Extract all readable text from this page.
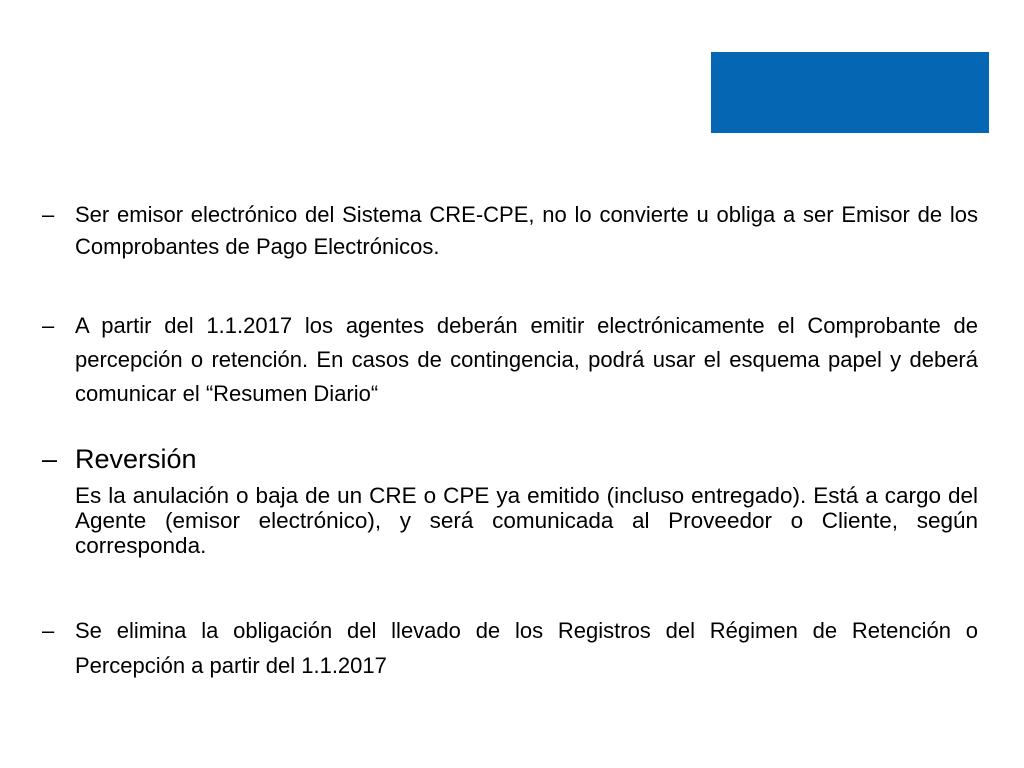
– Ser emisor electrónico del Sistema CRE-CPE, no lo convierte u obliga a ser Emisor de los Comprobantes de Pago Electrónicos.
– A partir del 1.1.2017 los agentes deberán emitir electrónicamente el Comprobante de percepción o retención. En casos de contingencia, podrá usar el esquema papel y deberá comunicar el “Resumen Diario“
– Reversión
Es la anulación o baja de un CRE o CPE ya emitido (incluso entregado). Está a cargo del Agente (emisor electrónico), y será comunicada al Proveedor o Cliente, según corresponda.
– Se elimina la obligación del llevado de los Registros del Régimen de Retención o Percepción a partir del 1.1.2017
